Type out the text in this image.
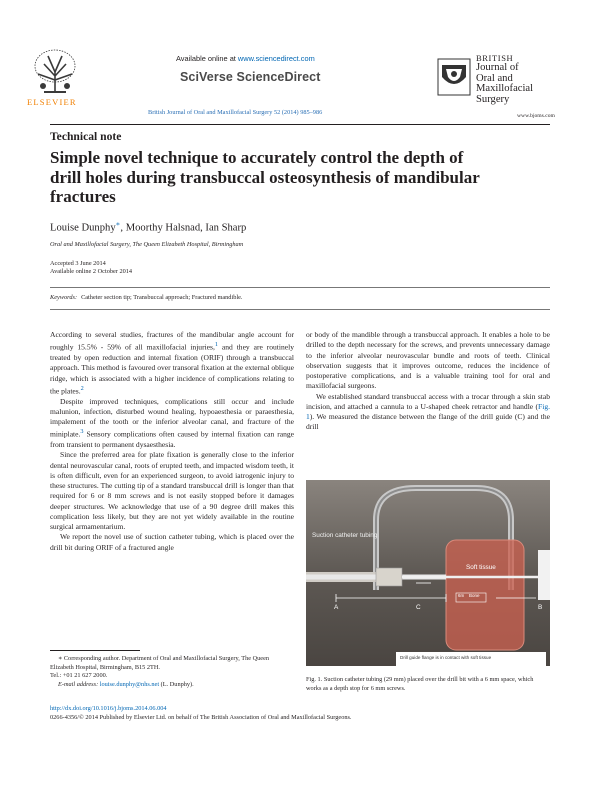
ELSEVIER
Available online at www.sciencedirect.com
SciVerse ScienceDirect
British Journal of Oral and Maxillofacial Surgery 52 (2014) 985–986
BRITISH
Journal of
Oral and
Maxillofacial
Surgery
www.bjoms.com
Technical note
Simple novel technique to accurately control the depth of drill holes during transbuccal osteosynthesis of mandibular fractures
Louise Dunphy∗, Moorthy Halsnad, Ian Sharp
Oral and Maxillofacial Surgery, The Queen Elizabeth Hospital, Birmingham
Accepted 3 June 2014
Available online 2 October 2014
Keywords: Catheter section tip; Transbuccal approach; Fractured mandible.

According to several studies, fractures of the mandibular angle account for roughly 15.5% - 59% of all maxillofacial injuries,$^1$ and they are routinely treated by open reduction and internal fixation (ORIF) through a transbuccal approach. This method is favoured over transoral fixation at the external oblique ridge, which is associated with a higher incidence of complications relating to the plates.$^2$

Despite improved techniques, complications still occur and include malunion, infection, disturbed wound healing, hypoaesthesia or paraesthesia, impalement of the tooth or the inferior alveolar canal, and fracture of the miniplate.$^3$ Sensory complications often caused by internal fixation can range from transient to permanent dysaesthesia.

Since the preferred area for plate fixation is generally close to the inferior dental neurovascular canal, roots of erupted teeth, and impacted wisdom teeth, it is often difficult, even for an experienced surgeon, to avoid iatrogenic injury to these structures. The cutting tip of a standard transbuccal drill is longer than that required for 6 or 8 mm screws and is not easily stopped before it damages deeper structures. We acknowledge that use of a 90 degree drill makes this complication less likely, but they are not yet widely available in the routine surgical armamentarium.

We report the novel use of suction catheter tubing, which is placed over the drill bit during ORIF of a fractured angle

or body of the mandible through a transbuccal approach. It enables a hole to be drilled to the depth necessary for the screws, and prevents unnecessary damage to the inferior alveolar neurovascular bundle and roots of teeth. Clinical observation suggests that it improves outcome, reduces the incidence of postoperative complications, and is a valuable training tool for oral and maxillofacial surgeons.

We established standard transbuccal access with a trocar through a skin stab incision, and attached a cannula to a U-shaped cheek retractor and handle (Fig. 1). We measured the distance between the flange of the drill guide (C) and the drill

Suction catheter tubing
Soft tissue
6m Bone
A	C	B
Drill guide flange is in contact with soft tissue
Fig. 1. Suction catheter tubing (29 mm) placed over the drill bit with a 6 mm space, which works as a depth stop for 6 mm screws.
∗ Corresponding author. Department of Oral and Maxillofacial Surgery, The Queen Elizabeth Hospital, Birmingham, B15 2TH.
Tel.: +01 21 627 2000.
E-mail address: louise.dunphy@nhs.net (L. Dunphy).
http://dx.doi.org/10.1016/j.bjoms.2014.06.004
0266-4356/© 2014 Published by Elsevier Ltd. on behalf of The British Association of Oral and Maxillofacial Surgeons.
